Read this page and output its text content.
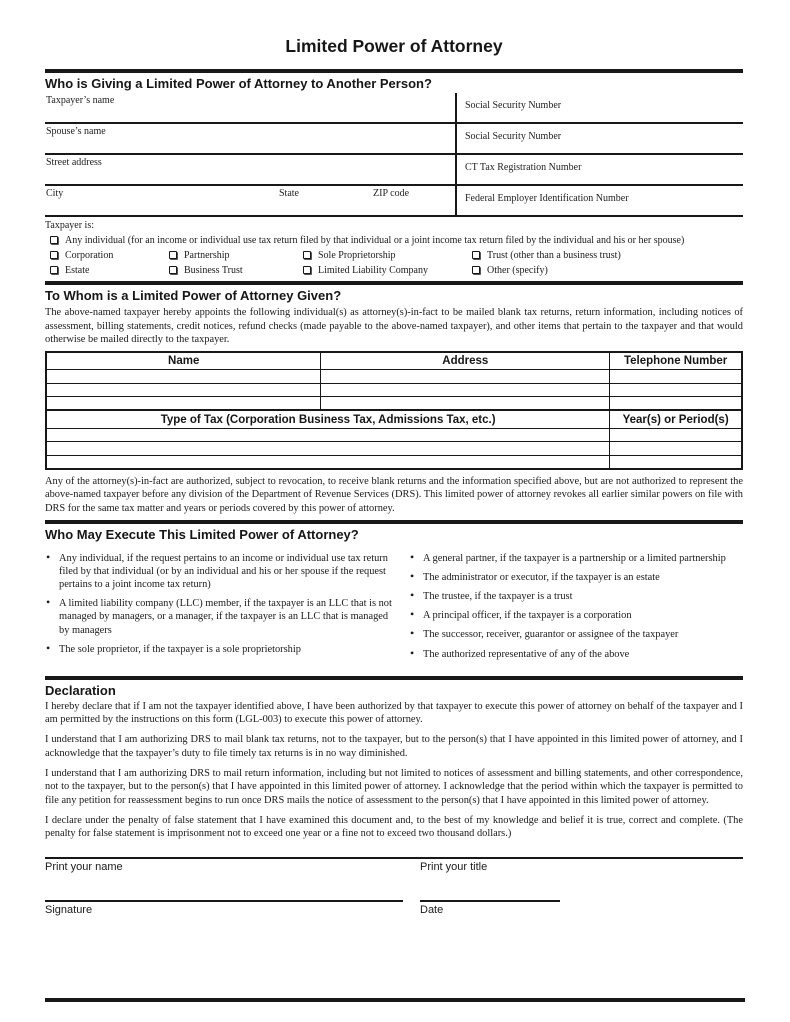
Limited Power of Attorney
Who is Giving a Limited Power of Attorney to Another Person?
Taxpayer’s name	Social Security Number
Spouse’s name	Social Security Number
Street address	CT Tax Registration Number
City	State	ZIP code	Federal Employer Identification Number
Taxpayer is:
Any individual (for an income or individual use tax return filed by that individual or a joint income tax return filed by the individual and his or her spouse)
Corporation	Partnership	Sole Proprietorship	Trust (other than a business trust)
Estate	Business Trust	Limited Liability Company	Other (specify)
To Whom is a Limited Power of Attorney Given?

The above-named taxpayer hereby appoints the following individual(s) as attorney(s)-in-fact to be mailed blank tax returns, return information, including notices of assessment, billing statements, credit notices, refund checks (made payable to the above-named taxpayer), and other items that pertain to the taxpayer and that would otherwise be mailed directly to the taxpayer.

Name	Address	Telephone Number

Type of Tax (Corporation Business Tax, Admissions Tax, etc.)		Year(s) or Period(s)

Any of the attorney(s)-in-fact are authorized, subject to revocation, to receive blank returns and the information specified above, but are not authorized to represent the above-named taxpayer before any division of the Department of Revenue Services (DRS). This limited power of attorney revokes all earlier similar powers on file with DRS for the same tax matter and years or periods covered by this power of attorney.

Who May Execute This Limited Power of Attorney?
• Any individual, if the request pertains to an income or individual use tax return filed by that individual (or by an individual and his or her spouse if the request pertains to a joint income tax return)
• A limited liability company (LLC) member, if the taxpayer is an LLC that is not managed by managers, or a manager, if the taxpayer is an LLC that is managed by managers
• The sole proprietor, if the taxpayer is a sole proprietorship
• A general partner, if the taxpayer is a partnership or a limited partnership
• The administrator or executor, if the taxpayer is an estate
• The trustee, if the taxpayer is a trust
• A principal officer, if the taxpayer is a corporation
• The successor, receiver, guarantor or assignee of the taxpayer
• The authorized representative of any of the above
Declaration

I hereby declare that if I am not the taxpayer identified above, I have been authorized by that taxpayer to execute this power of attorney on behalf of the taxpayer and I am permitted by the instructions on this form (LGL-003) to execute this power of attorney.

I understand that I am authorizing DRS to mail blank tax returns, not to the taxpayer, but to the person(s) that I have appointed in this limited power of attorney, and I acknowledge that the taxpayer’s duty to file timely tax returns is in no way diminished.

I understand that I am authorizing DRS to mail return information, including but not limited to notices of assessment and billing statements, and other correspondence, not to the taxpayer, but to the person(s) that I have appointed in this limited power of attorney. I acknowledge that the period within which the taxpayer is permitted to file any petition for reassessment begins to run once DRS mails the notice of assessment to the person(s) that I have appointed in this limited power of attorney.

I declare under the penalty of false statement that I have examined this document and, to the best of my knowledge and belief it is true, correct and complete. (The penalty for false statement is imprisonment not to exceed one year or a fine not to exceed two thousand dollars.)

Print your name	Print your title
Signature	Date
